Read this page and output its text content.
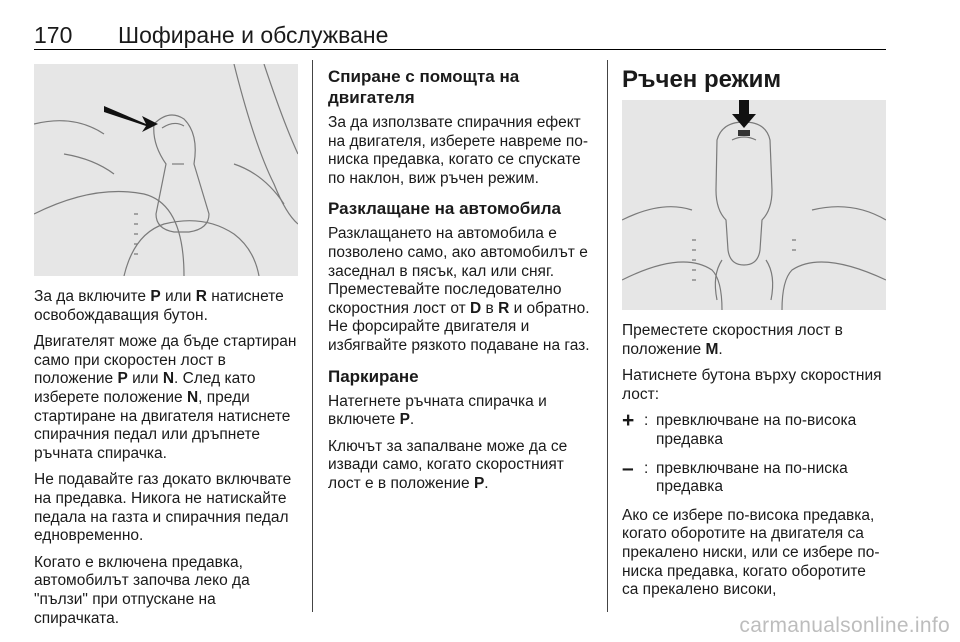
170 Шофиране и обслужване

За да включите P или R натиснете освобождаващия бутон.

Двигателят може да бъде стартиран само при скоростен лост в положение P или N. След като изберете положение N, преди стартиране на двигателя натиснете спирачния педал или дръпнете ръчната спирачка.

Не подавайте газ докато включвате на предавка. Никога не натискайте педала на газта и спирачния педал едновременно.

Когато е включена предавка, автомобилът започва леко да "пълзи" при отпускане на спирачката.

Спиране с помощта на двигателя

За да използвате спирачния ефект на двигателя, изберете навреме по-ниска предавка, когато се спускате по наклон, виж ръчен режим.

Разклащане на автомобила

Разклащането на автомобила е позволено само, ако автомобилът е заседнал в пясък, кал или сняг. Преместевайте последователно скоростния лост от D в R и обратно. Не форсирайте двигателя и избягвайте рязкото подаване на газ.

Паркиране

Натегнете ръчната спирачка и включете P.

Ключът за запалване може да се извади само, когато скоростният лост е в положение P.

Ръчен режим

Преместете скоростния лост в положение M.

Натиснете бутона върху скоростния лост:

+ : превключване на по-висока предавка
– : превключване на по-ниска предавка

Ако се избере по-висока предавка, когато оборотите на двигателя са прекалено ниски, или се избере по-ниска предавка, когато оборотите са прекалено високи,

carmanualsonline.info
